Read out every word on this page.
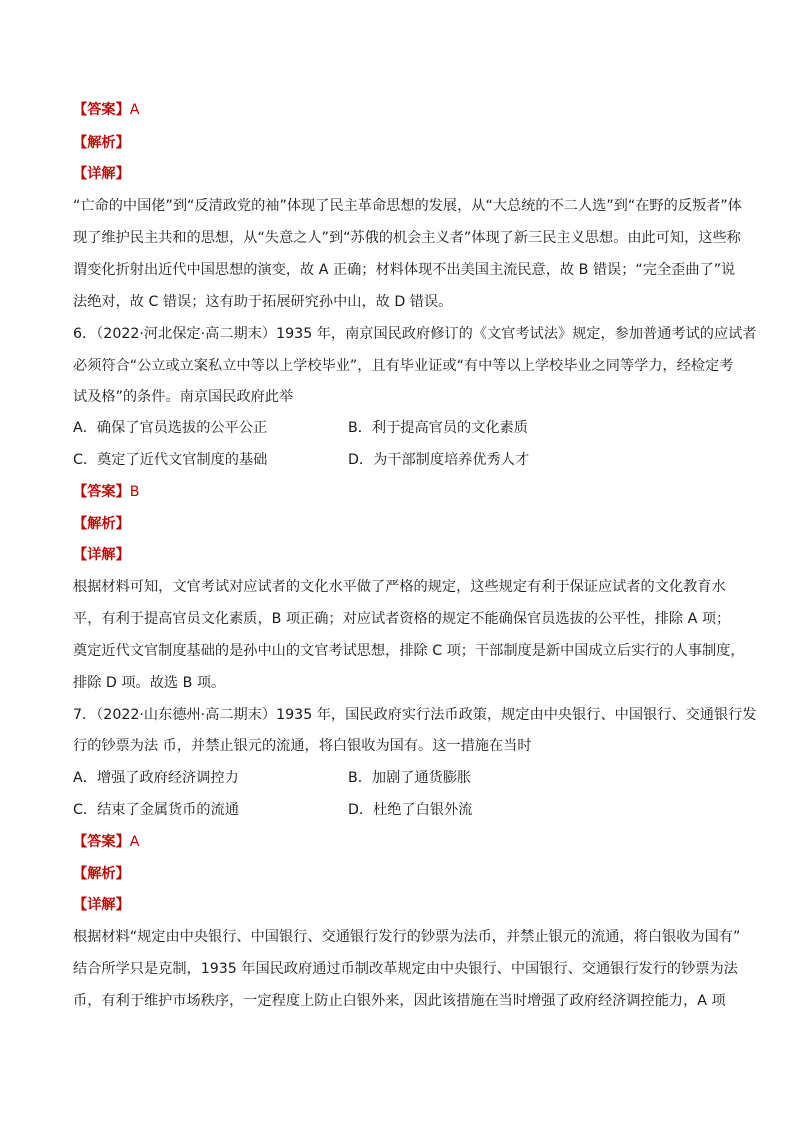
【答案】A
【解析】
【详解】
“亡命的中国佬”到“反清政党的袖”体现了民主革命思想的发展，从“大总统的不二人选”到“在野的反叛者”体
现了维护民主共和的思想，从“失意之人”到“苏俄的机会主义者”体现了新三民主义思想。由此可知，这些称
谓变化折射出近代中国思想的演变，故 A 正确；材料体现不出美国主流民意，故 B 错误；“完全歪曲了”说
法绝对，故 C 错误；这有助于拓展研究孙中山，故 D 错误。
6．（2022·河北保定·高二期末）1935 年，南京国民政府修订的《文官考试法》规定，参加普通考试的应试者
必须符合“公立或立案私立中等以上学校毕业”，且有毕业证或“有中等以上学校毕业之同等学力，经检定考
试及格”的条件。南京国民政府此举
A．确保了官员选拔的公平公正	B．利于提高官员的文化素质
C．奠定了近代文官制度的基础	D．为干部制度培养优秀人才
【答案】B
【解析】
【详解】
根据材料可知，文官考试对应试者的文化水平做了严格的规定，这些规定有利于保证应试者的文化教育水
平，有利于提高官员文化素质，B 项正确；对应试者资格的规定不能确保官员选拔的公平性，排除 A 项；
奠定近代文官制度基础的是孙中山的文官考试思想，排除 C 项；干部制度是新中国成立后实行的人事制度，
排除 D 项。故选 B 项。
7．（2022·山东德州·高二期末）1935 年，国民政府实行法币政策，规定由中央银行、中国银行、交通银行发
行的钞票为法 币，并禁止银元的流通，将白银收为国有。这一措施在当时
A．增强了政府经济调控力	B．加剧了通货膨胀
C．结束了金属货币的流通	D．杜绝了白银外流
【答案】A
【解析】
【详解】
根据材料“规定由中央银行、中国银行、交通银行发行的钞票为法币，并禁止银元的流通，将白银收为国有”
结合所学只是克制，1935 年国民政府通过币制改革规定由中央银行、中国银行、交通银行发行的钞票为法
币，有利于维护市场秩序，一定程度上防止白银外来，因此该措施在当时增强了政府经济调控能力，A 项
